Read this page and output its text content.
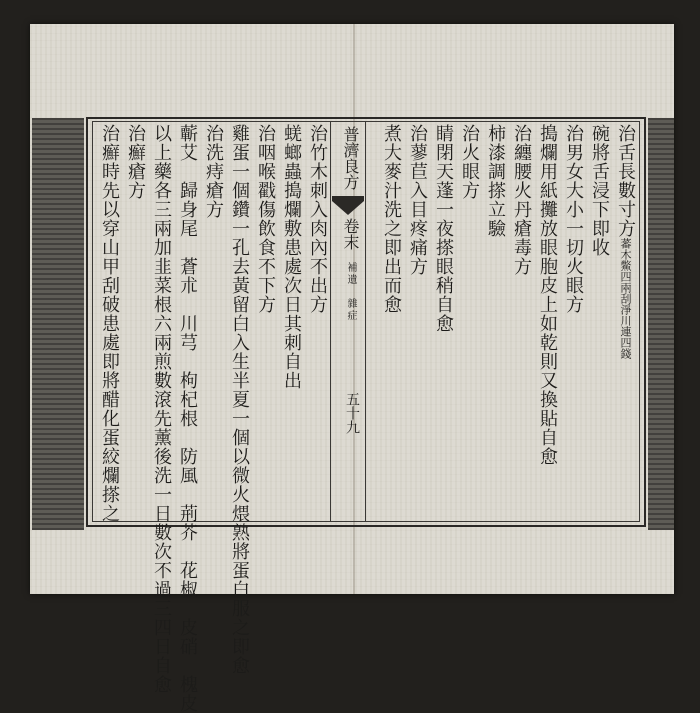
普濟良方
卷末
補遺　雜症
五十九
治舌長數寸方蕃木鱉四兩刮淨川連四錢
碗將舌浸下即收
治男女大小一切火眼方
搗爛用紙攤放眼胞皮上如乾則又換貼自愈
治纏腰火丹瘡毒方
柿漆調搽立驗
治火眼方
睛閉天蓬一夜搽眼稍自愈
治蓼苣入目疼痛方
煮大麥汁洗之即出而愈
治竹木刺入肉內不出方
蜣螂蟲搗爛敷患處次日其刺自出
治咽喉戳傷飲食不下方
雞蛋一個鑽一孔去黃留白入生半夏一個以微火煨熟將蛋白服之即愈
治洗痔瘡方
蘄艾　歸身尾　蒼朮　川芎　枸杞根　防風　荊芥　花椒　皮硝　槐皮
以上藥各三兩加韭菜根六兩煎數滾先薰後洗一日數次不過三四日自愈
治癬瘡方
治癬時先以穿山甲刮破患處即將醋化蛋絞爛搽之
